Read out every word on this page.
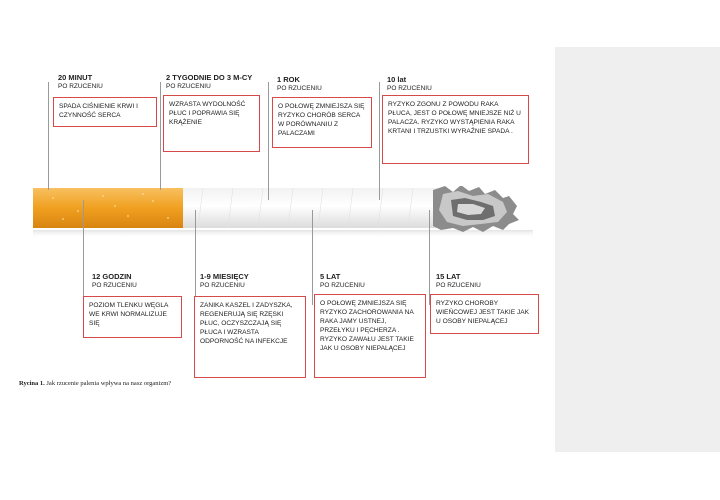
20 MINUT
PO RZUCENIU
SPADA CIŚNIENIE KRWI I CZYNNOŚĆ SERCA
2 TYGODNIE DO 3 M-CY
PO RZUCENIU
WZRASTA WYDOLNOŚĆ PŁUC I POPRAWIA SIĘ KRĄŻENIE
1 ROK
PO RZUCENIU
O POŁOWĘ ZMNIEJSZA SIĘ RYZYKO CHORÓB SERCA W PORÓWNANIU Z PALACZAMI
10 lat
PO RZUCENIU
RYZYKO ZGONU Z POWODU RAKA PŁUCA, JEST O POŁOWĘ MNIEJSZE NIŻ U PALACZA. RYZYKO WYSTĄPIENIA RAKA KRTANI I TRZUSTKI WYRAŹNIE SPADA .
12 GODZIN
PO RZUCENIU
POZIOM TLENKU WĘGLA WE KRWI NORMALIZUJE SIĘ
1-9 MIESIĘCY
PO RZUCENIU
ZANIKA KASZEL I ZADYSZKA, REGENERUJĄ SIĘ RZĘSKI PŁUC, OCZYSZCZAJĄ SIĘ PŁUCA I WZRASTA ODPORNOŚĆ NA INFEKCJE
5 LAT
PO RZUCENIU
O POŁOWĘ ZMNIEJSZA SIĘ RYZYKO ZACHOROWANIA NA RAKA JAMY USTNEJ, PRZEŁYKU I PĘCHERZA . RYZYKO ZAWAŁU JEST TAKIE JAK U OSOBY NIEPALĄCEJ
15 LAT
PO RZUCENIU
RYZYKO CHOROBY WIEŃCOWEJ JEST TAKIE JAK U OSOBY NIEPALĄCEJ
Rycina 1. Jak rzucenie palenia wpływa na nasz organizm?
